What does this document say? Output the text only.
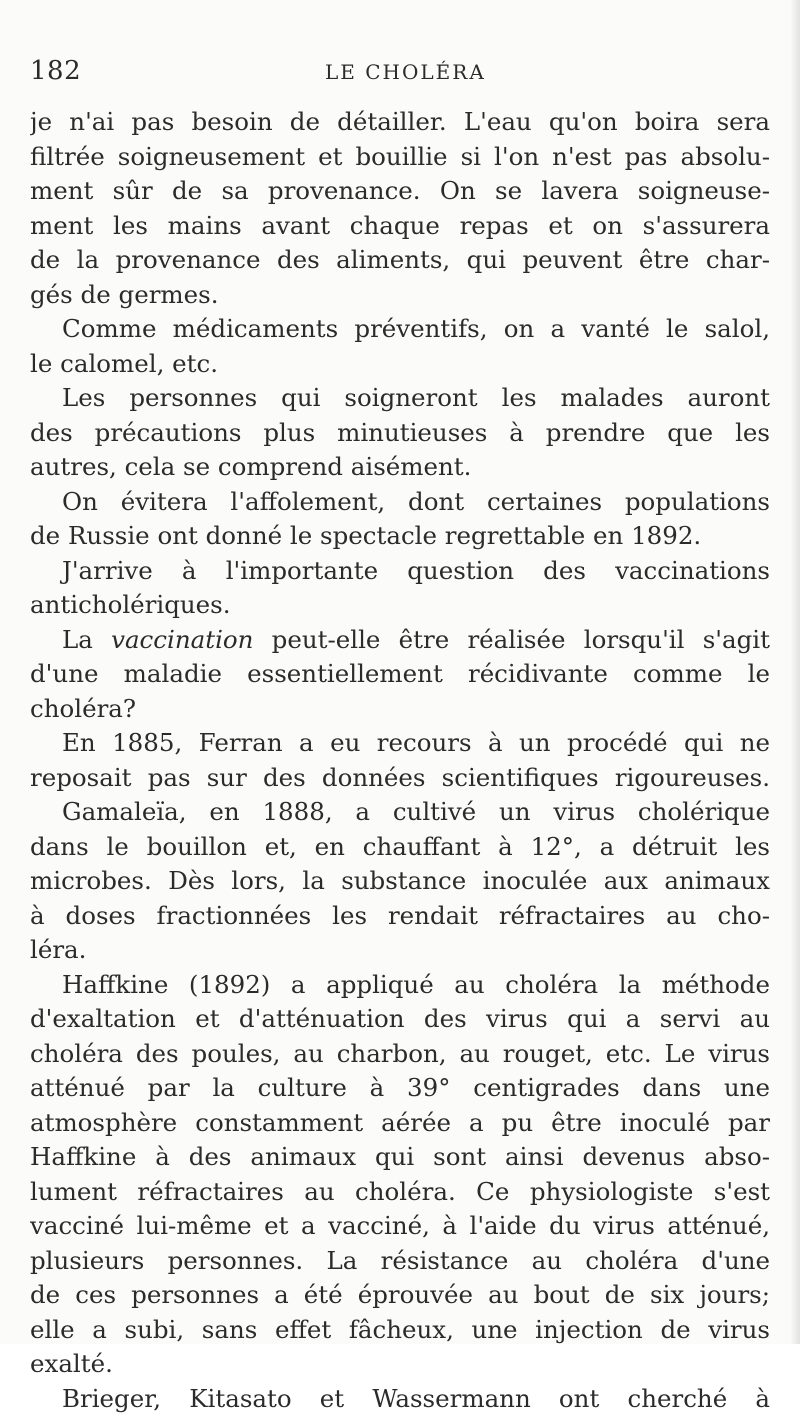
182	LE CHOLÉRA
je n'ai pas besoin de détailler. L'eau qu'on boira sera
filtrée soigneusement et bouillie si l'on n'est pas absolu-
ment sûr de sa provenance. On se lavera soigneuse-
ment les mains avant chaque repas et on s'assurera
de la provenance des aliments, qui peuvent être char-
gés de germes.
Comme médicaments préventifs, on a vanté le salol,
le calomel, etc.
Les personnes qui soigneront les malades auront
des précautions plus minutieuses à prendre que les
autres, cela se comprend aisément.
On évitera l'affolement, dont certaines populations
de Russie ont donné le spectacle regrettable en 1892.
J'arrive à l'importante question des vaccinations
anticholériques.
La vaccination peut-elle être réalisée lorsqu'il s'agit
d'une maladie essentiellement récidivante comme le
choléra?
En 1885, Ferran a eu recours à un procédé qui ne
reposait pas sur des données scientifiques rigoureuses.
Gamaleïa, en 1888, a cultivé un virus cholérique
dans le bouillon et, en chauffant à 12°, a détruit les
microbes. Dès lors, la substance inoculée aux animaux
à doses fractionnées les rendait réfractaires au cho-
léra.
Haffkine (1892) a appliqué au choléra la méthode
d'exaltation et d'atténuation des virus qui a servi au
choléra des poules, au charbon, au rouget, etc. Le virus
atténué par la culture à 39° centigrades dans une
atmosphère constamment aérée a pu être inoculé par
Haffkine à des animaux qui sont ainsi devenus abso-
lument réfractaires au choléra. Ce physiologiste s'est
vacciné lui-même et a vacciné, à l'aide du virus atténué,
plusieurs personnes. La résistance au choléra d'une
de ces personnes a été éprouvée au bout de six jours;
elle a subi, sans effet fâcheux, une injection de virus
exalté.
Brieger, Kitasato et Wassermann ont cherché à
